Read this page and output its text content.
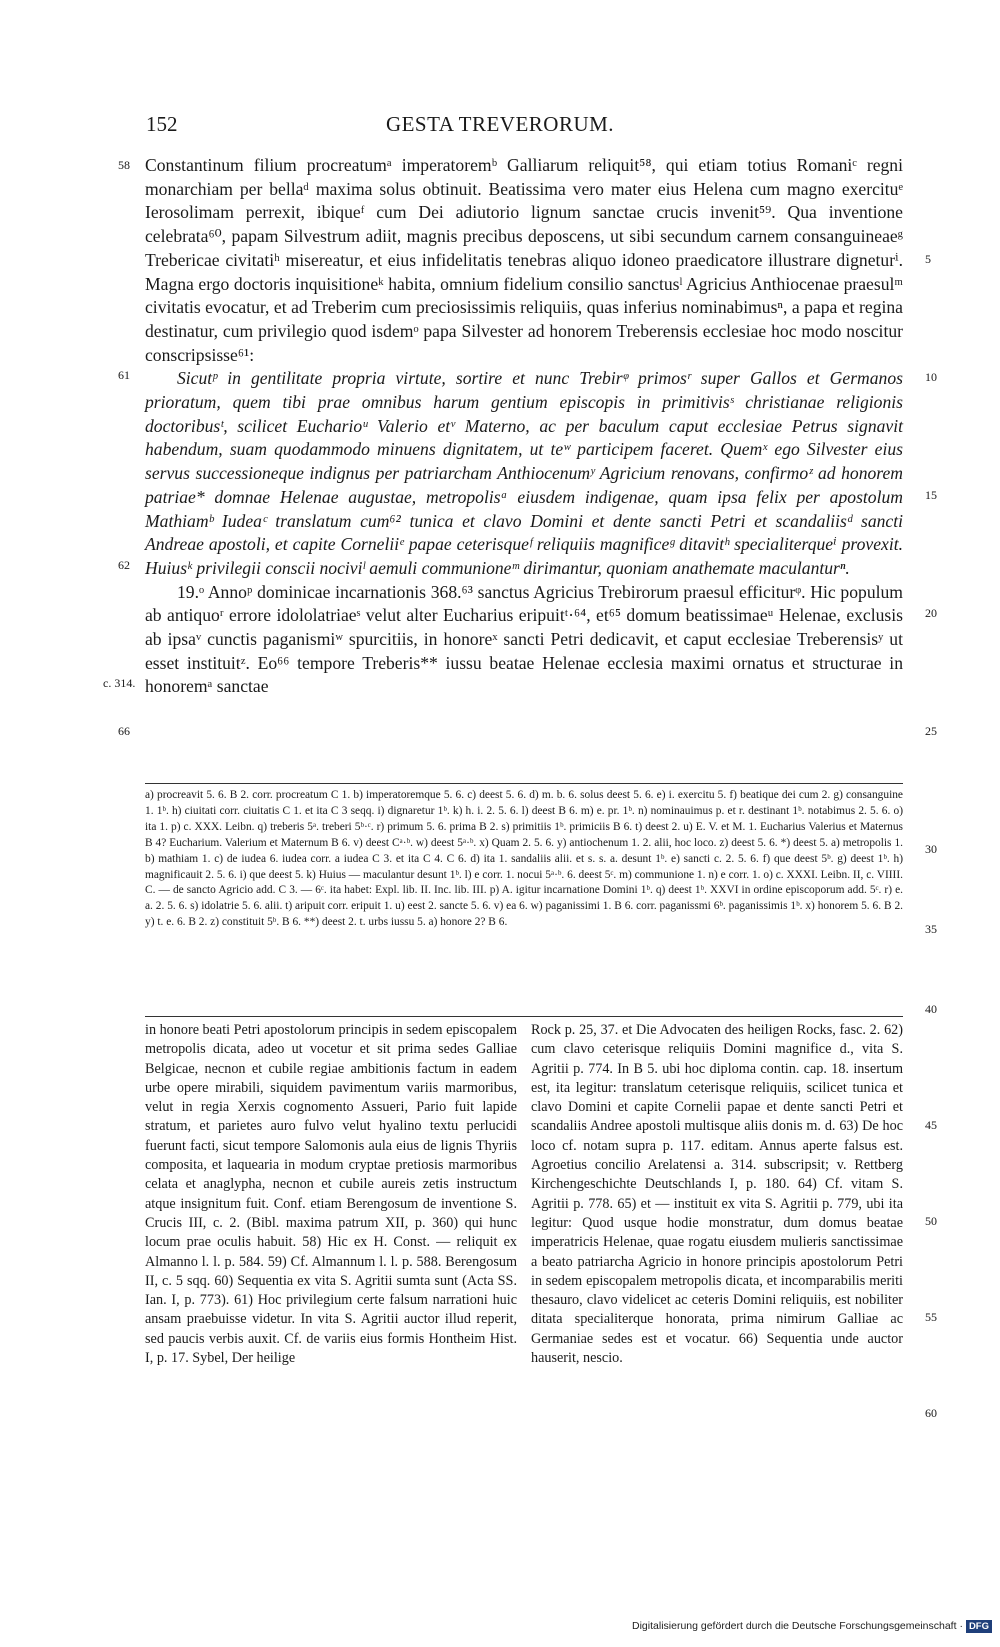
152	GESTA TREVERORUM.
58
61
62
c. 314.
66
5
10
15
20
25
30
35
40
45
50
55
60

Constantinum filium procreatumᵃ imperatoremᵇ Galliarum reliquit⁵⁸, qui etiam totius Romaniᶜ regni monarchiam per bellaᵈ maxima solus obtinuit. Beatissima vero mater eius Helena cum magno exercituᵉ Ierosolimam perrexit, ibiqueᶠ cum Dei adiutorio lignum sanctae crucis invenit⁵⁹. Qua inventione celebrata⁶⁰, papam Silvestrum adiit, magnis precibus deposcens, ut sibi secundum carnem consanguineaeᵍ Trebericae civitatiʰ misereatur, et eius infidelitatis tenebras aliquo idoneo praedicatore illustrare digneturⁱ. Magna ergo doctoris inquisitioneᵏ habita, omnium fidelium consilio sanctusˡ Agricius Anthiocenae praesulᵐ civitatis evocatur, et ad Treberim cum preciosissimis reliquiis, quas inferius nominabimusⁿ, a papa et regina destinatur, cum privilegio quod isdemᵒ papa Silvester ad honorem Treberensis ecclesiae hoc modo noscitur conscripsisse⁶¹:

Sicutᵖ in gentilitate propria virtute, sortire et nunc Trebirᵠ primosʳ super Gallos et Germanos prioratum, quem tibi prae omnibus harum gentium episcopis in primitivisˢ christianae religionis doctoribusᵗ, scilicet Eucharioᵘ Valerio etᵛ Materno, ac per baculum caput ecclesiae Petrus signavit habendum, suam quodammodo minuens dignitatem, ut teʷ participem faceret. Quemˣ ego Silvester eius servus successioneque indignus per patriarcham Anthiocenumʸ Agricium renovans, confirmoᶻ ad honorem patriae* domnae Helenae augustae, metropolisᵃ eiusdem indigenae, quam ipsa felix per apostolum Mathiamᵇ Iudeaᶜ translatum cum⁶² tunica et clavo Domini et dente sancti Petri et scandaliisᵈ sancti Andreae apostoli, et capite Corneliiᵉ papae ceterisqueᶠ reliquiis magnificeᵍ ditavitʰ specialiterqueⁱ provexit. Huiusᵏ privilegii conscii nociviˡ aemuli communioneᵐ dirimantur, quoniam anathemate maculanturⁿ.

19.ᵒ Annoᵖ dominicae incarnationis 368.⁶³ sanctus Agricius Trebirorum praesul efficiturᵠ. Hic populum ab antiquoʳ errore idololatriaeˢ velut alter Eucharius eripuitᵗ·⁶⁴, et⁶⁵ domum beatissimaeᵘ Helenae, exclusis ab ipsaᵛ cunctis paganismiʷ spurcitiis, in honoreˣ sancti Petri dedicavit, et caput ecclesiae Treberensisʸ ut esset instituitᶻ. Eo⁶⁶ tempore Treberis** iussu beatae Helenae ecclesia maximi ornatus et structurae in honoremᵃ sanctae

a) procreavit 5. 6. B 2. corr. procreatum C 1. b) imperatoremque 5. 6. c) deest 5. 6. d) m. b. 6. solus deest 5. 6. e) i. exercitu 5. f) beatique dei cum 2. g) consanguine 1. 1ᵇ. h) ciuitati corr. ciuitatis C 1. et ita C 3 seqq. i) dignaretur 1ᵇ. k) h. i. 2. 5. 6. l) deest B 6. m) e. pr. 1ᵇ. n) nominauimus p. et r. destinant 1ᵇ. notabimus 2. 5. 6. o) ita 1. p) c. XXX. Leibn. q) treberis 5ᵃ. treberi 5ᵇ·ᶜ. r) primum 5. 6. prima B 2. s) primitiis 1ᵇ. primiciis B 6. t) deest 2. u) E. V. et M. 1. Eucharius Valerius et Maternus B 4? Eucharium. Valerium et Maternum B 6. v) deest Cᵃ·ᵇ. w) deest 5ᵃ·ᵇ. x) Quam 2. 5. 6. y) antiochenum 1. 2. alii, hoc loco. z) deest 5. 6. *) deest 5. a) metropolis 1. b) mathiam 1. c) de iudea 6. iudea corr. a iudea C 3. et ita C 4. C 6. d) ita 1. sandaliis alii. et s. s. a. desunt 1ᵇ. e) sancti c. 2. 5. 6. f) que deest 5ᵇ. g) deest 1ᵇ. h) magnificauit 2. 5. 6. i) que deest 5. k) Huius — maculantur desunt 1ᵇ. l) e corr. 1. nocui 5ᵃ·ᵇ. 6. deest 5ᶜ. m) communione 1. n) e corr. 1. o) c. XXXI. Leibn. II, c. VIIII. C. — de sancto Agricio add. C 3. — 6ᶜ. ita habet: Expl. lib. II. Inc. lib. III. p) A. igitur incarnatione Domini 1ᵇ. q) deest 1ᵇ. XXVI in ordine episcoporum add. 5ᶜ. r) e. a. 2. 5. 6. s) idolatrie 5. 6. alii. t) aripuit corr. eripuit 1. u) eest 2. sancte 5. 6. v) ea 6. w) paganissimi 1. B 6. corr. paganissmi 6ᵇ. paganissimis 1ᵇ. x) honorem 5. 6. B 2. y) t. e. 6. B 2. z) constituit 5ᵇ. B 6. **) deest 2. t. urbs iussu 5. a) honore 2? B 6.

in honore beati Petri apostolorum principis in sedem episcopalem metropolis dicata, adeo ut vocetur et sit prima sedes Galliae Belgicae, necnon et cubile regiae ambitionis factum in eadem urbe opere mirabili, siquidem pavimentum variis marmoribus, velut in regia Xerxis cognomento Assueri, Pario fuit lapide stratum, et parietes auro fulvo velut hyalino textu perlucidi fuerunt facti, sicut tempore Salomonis aula eius de lignis Thyriis composita, et laquearia in modum cryptae pretiosis marmoribus celata et anaglypha, necnon et cubile aureis zetis instructum atque insignitum fuit. Conf. etiam Berengosum de inventione S. Crucis III, c. 2. (Bibl. maxima patrum XII, p. 360) qui hunc locum prae oculis habuit. 58) Hic ex H. Const. — reliquit ex Almanno l. l. p. 584. 59) Cf. Almannum l. l. p. 588. Berengosum II, c. 5 sqq. 60) Sequentia ex vita S. Agritii sumta sunt (Acta SS. Ian. I, p. 773). 61) Hoc privilegium certe falsum narrationi huic ansam praebuisse videtur. In vita S. Agritii auctor illud reperit, sed paucis verbis auxit. Cf. de variis eius formis Hontheim Hist. I, p. 17. Sybel, Der heilige

Rock p. 25, 37. et Die Advocaten des heiligen Rocks, fasc. 2. 62) cum clavo ceterisque reliquiis Domini magnifice d., vita S. Agritii p. 774. In B 5. ubi hoc diploma contin. cap. 18. insertum est, ita legitur: translatum ceterisque reliquiis, scilicet tunica et clavo Domini et capite Cornelii papae et dente sancti Petri et scandaliis Andree apostoli multisque aliis donis m. d. 63) De hoc loco cf. notam supra p. 117. editam. Annus aperte falsus est. Agroetius concilio Arelatensi a. 314. subscripsit; v. Rettberg Kirchengeschichte Deutschlands I, p. 180. 64) Cf. vitam S. Agritii p. 778. 65) et — instituit ex vita S. Agritii p. 779, ubi ita legitur: Quod usque hodie monstratur, dum domus beatae imperatricis Helenae, quae rogatu eiusdem mulieris sanctissimae a beato patriarcha Agricio in honore principis apostolorum Petri in sedem episcopalem metropolis dicata, et incomparabilis meriti thesauro, clavo videlicet ac ceteris Domini reliquiis, est nobiliter ditata specialiterque honorata, prima nimirum Galliae ac Germaniae sedes est et vocatur. 66) Sequentia unde auctor hauserit, nescio.

Digitalisierung gefördert durch die Deutsche Forschungsgemeinschaft · DFG
